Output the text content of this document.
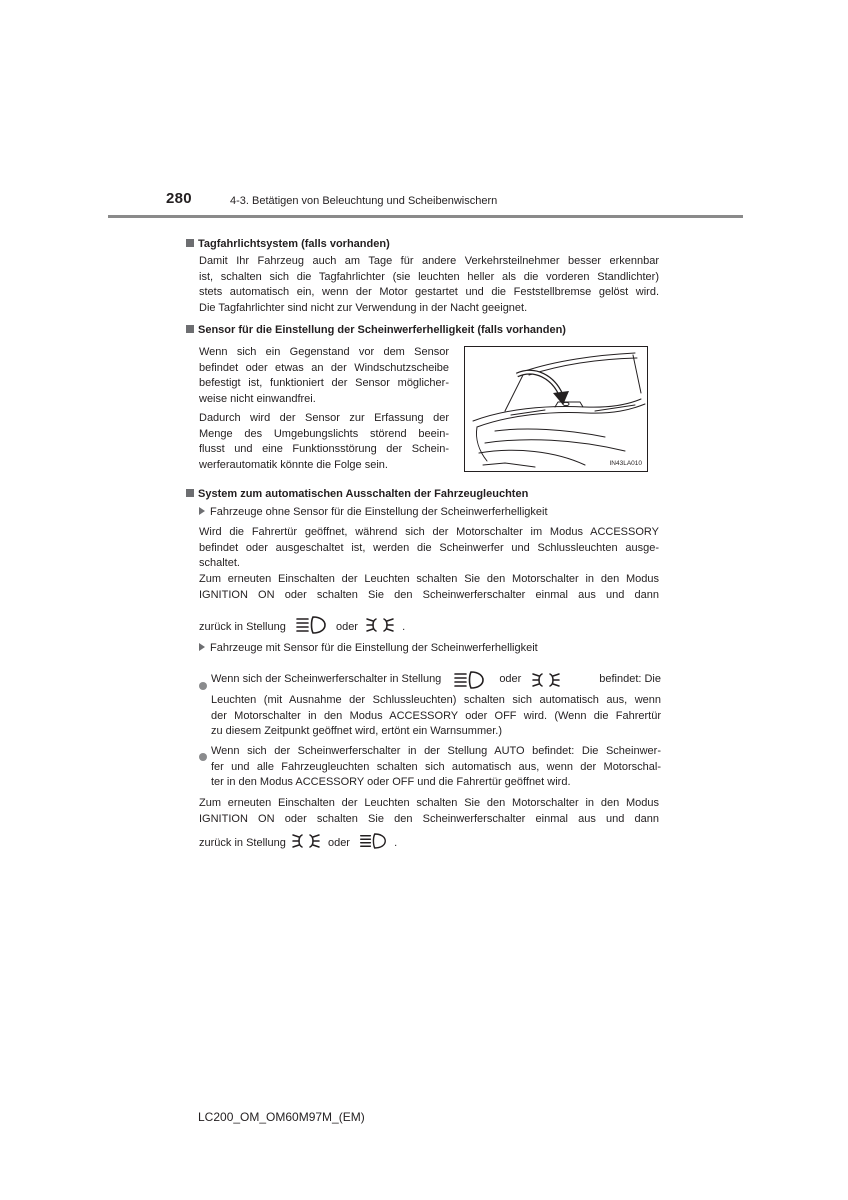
280	4-3. Betätigen von Beleuchtung und Scheibenwischern
Tagfahrlichtsystem (falls vorhanden)
Damit Ihr Fahrzeug auch am Tage für andere Verkehrsteilnehmer besser erkennbar
ist, schalten sich die Tagfahrlichter (sie leuchten heller als die vorderen Standlichter)
stets automatisch ein, wenn der Motor gestartet und die Feststellbremse gelöst wird.
Die Tagfahrlichter sind nicht zur Verwendung in der Nacht geeignet.
Sensor für die Einstellung der Scheinwerferhelligkeit (falls vorhanden)
Wenn sich ein Gegenstand vor dem Sensor
befindet oder etwas an der Windschutzscheibe
befestigt ist, funktioniert der Sensor möglicher-
weise nicht einwandfrei.
Dadurch wird der Sensor zur Erfassung der
Menge des Umgebungslichts störend beein-
flusst und eine Funktionsstörung der Schein-
werferautomatik könnte die Folge sein.	IN43LA010
System zum automatischen Ausschalten der Fahrzeugleuchten
Fahrzeuge ohne Sensor für die Einstellung der Scheinwerferhelligkeit
Wird die Fahrertür geöffnet, während sich der Motorschalter im Modus ACCESSORY
befindet oder ausgeschaltet ist, werden die Scheinwerfer und Schlussleuchten ausge-
schaltet.
Zum erneuten Einschalten der Leuchten schalten Sie den Motorschalter in den Modus
IGNITION ON oder schalten Sie den Scheinwerferschalter einmal aus und dann
zurück in Stellung	oder	.
Fahrzeuge mit Sensor für die Einstellung der Scheinwerferhelligkeit
Wenn sich der Scheinwerferschalter in Stellung	oder	befindet: Die
Leuchten (mit Ausnahme der Schlussleuchten) schalten sich automatisch aus, wenn
der Motorschalter in den Modus ACCESSORY oder OFF wird. (Wenn die Fahrertür
zu diesem Zeitpunkt geöffnet wird, ertönt ein Warnsummer.)
Wenn sich der Scheinwerferschalter in der Stellung AUTO befindet: Die Scheinwer-
fer und alle Fahrzeugleuchten schalten sich automatisch aus, wenn der Motorschal-
ter in den Modus ACCESSORY oder OFF und die Fahrertür geöffnet wird.
Zum erneuten Einschalten der Leuchten schalten Sie den Motorschalter in den Modus
IGNITION ON oder schalten Sie den Scheinwerferschalter einmal aus und dann
zurück in Stellung	oder	.
LC200_OM_OM60M97M_(EM)
